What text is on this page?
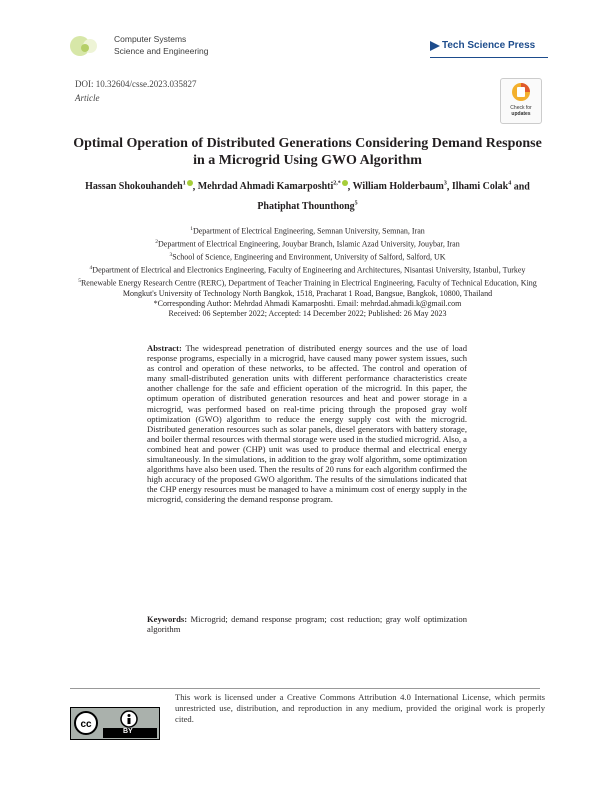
Computer Systems
Science and Engineering	Tech Science Press
DOI: 10.32604/csse.2023.035827
Article
Check for
updates
Optimal Operation of Distributed Generations Considering Demand Response
in a Microgrid Using GWO Algorithm
Hassan Shokouhandeh$^1$ , Mehrdad Ahmadi Kamarposhti$^{2,*}$ , William Holderbaum$^3$, Ilhami Colak$^4$ and
Phatiphat Thounthong$^5$
$^1$Department of Electrical Engineering, Semnan University, Semnan, Iran
$^2$Department of Electrical Engineering, Jouybar Branch, Islamic Azad University, Jouybar, Iran
$^3$School of Science, Engineering and Environment, University of Salford, Salford, UK
$^4$Department of Electrical and Electronics Engineering, Faculty of Engineering and Architectures, Nisantasi University, Istanbul, Turkey
$^5$Renewable Energy Research Centre (RERC), Department of Teacher Training in Electrical Engineering, Faculty of Technical Education, King Mongkut's University of Technology North Bangkok, 1518, Pracharat 1 Road, Bangsue, Bangkok, 10800, Thailand
*Corresponding Author: Mehrdad Ahmadi Kamarposhti. Email: mehrdad.ahmadi.k@gmail.com
Received: 06 September 2022; Accepted: 14 December 2022; Published: 26 May 2023
Abstract: The widespread penetration of distributed energy sources and the use of load response programs, especially in a microgrid, have caused many power system issues, such as control and operation of these networks, to be affected. The control and operation of many small-distributed generation units with different performance characteristics create another challenge for the safe and efficient operation of the microgrid. In this paper, the optimum operation of distributed generation resources and heat and power storage in a microgrid, was performed based on real-time pricing through the proposed gray wolf optimization (GWO) algorithm to reduce the energy supply cost with the microgrid. Distributed generation resources such as solar panels, diesel generators with battery storage, and boiler thermal resources with thermal storage were used in the studied microgrid. Also, a combined heat and power (CHP) unit was used to produce thermal and electrical energy simultaneously. In the simulations, in addition to the gray wolf algorithm, some optimization algorithms have also been used. Then the results of 20 runs for each algorithm confirmed the high accuracy of the proposed GWO algorithm. The results of the simulations indicated that the CHP energy resources must be managed to have a minimum cost of energy supply in the microgrid, considering the demand response program.
Keywords: Microgrid; demand response program; cost reduction; gray wolf optimization algorithm
cc
BY
This work is licensed under a Creative Commons Attribution 4.0 International License, which permits unrestricted use, distribution, and reproduction in any medium, provided the original work is properly cited.
